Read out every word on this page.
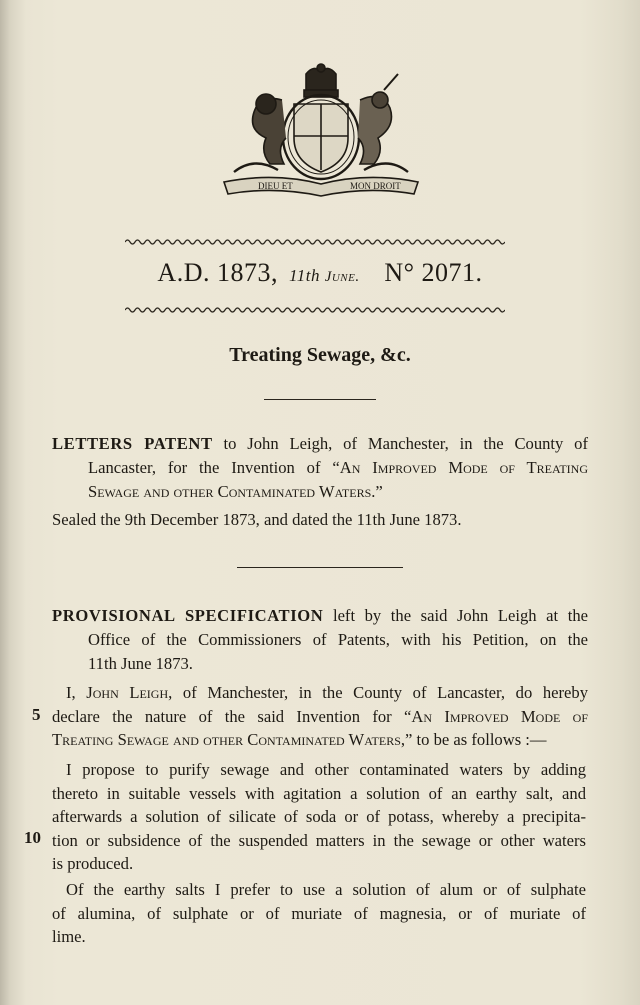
DIEU ET	MON DROIT
A.D. 1873, 11th June. N° 2071.
Treating Sewage, &c.
LETTERS PATENT to John Leigh, of Manchester, in the County of
Lancaster, for the Invention of “An Improved Mode of Treating
Sewage and other Contaminated Waters.”
Sealed the 9th December 1873, and dated the 11th June 1873.
PROVISIONAL SPECIFICATION left by the said John Leigh at the
Office of the Commissioners of Patents, with his Petition, on the
11th June 1873.
I, John Leigh, of Manchester, in the County of Lancaster, do hereby
declare the nature of the said Invention for “An Improved Mode of
Treating Sewage and other Contaminated Waters,” to be as follows :—
5
I propose to purify sewage and other contaminated waters by adding
thereto in suitable vessels with agitation a solution of an earthy salt, and
afterwards a solution of silicate of soda or of potass, whereby a precipita-
tion or subsidence of the suspended matters in the sewage or other waters
is produced.
10
Of the earthy salts I prefer to use a solution of alum or of sulphate
of alumina, of sulphate or of muriate of magnesia, or of muriate of
lime.
